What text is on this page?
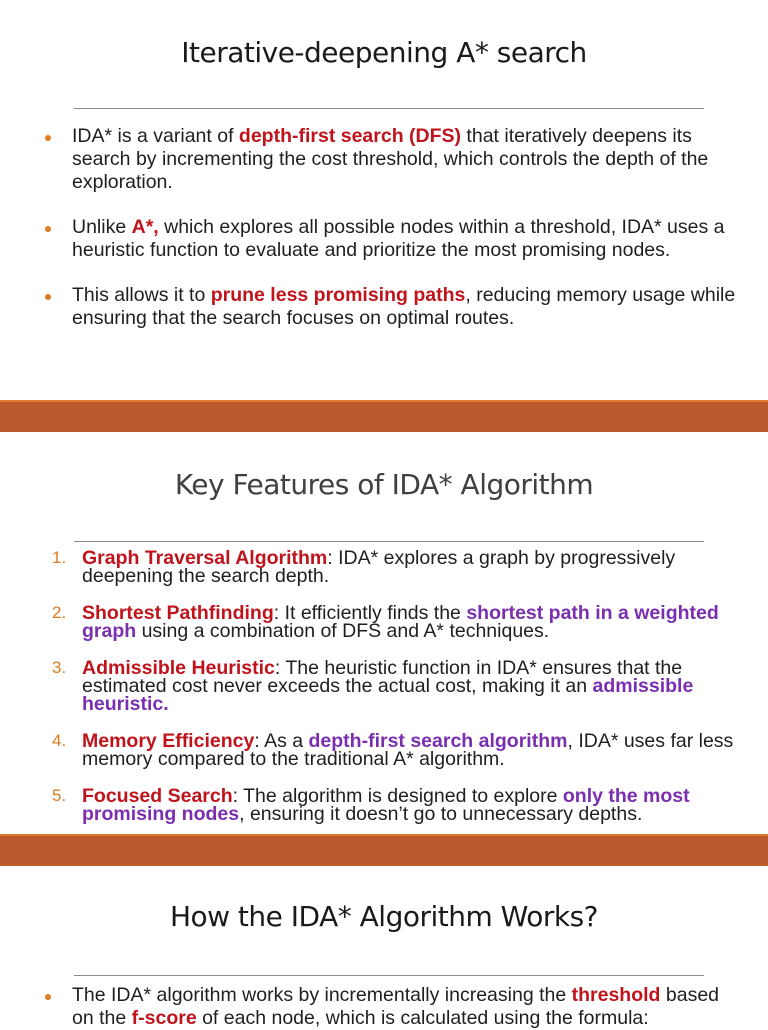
Iterative-deepening A* search
IDA* is a variant of depth-first search (DFS) that iteratively deepens its search by incrementing the cost threshold, which controls the depth of the exploration.
Unlike A*, which explores all possible nodes within a threshold, IDA* uses a heuristic function to evaluate and prioritize the most promising nodes.
This allows it to prune less promising paths, reducing memory usage while ensuring that the search focuses on optimal routes.
Key Features of IDA* Algorithm
1. Graph Traversal Algorithm: IDA* explores a graph by progressively deepening the search depth.
2. Shortest Pathfinding: It efficiently finds the shortest path in a weighted graph using a combination of DFS and A* techniques.
3. Admissible Heuristic: The heuristic function in IDA* ensures that the estimated cost never exceeds the actual cost, making it an admissible heuristic.
4. Memory Efficiency: As a depth-first search algorithm, IDA* uses far less memory compared to the traditional A* algorithm.
5. Focused Search: The algorithm is designed to explore only the most promising nodes, ensuring it doesn’t go to unnecessary depths.
How the IDA* Algorithm Works?
The IDA* algorithm works by incrementally increasing the threshold based on the f-score of each node, which is calculated using the formula:
